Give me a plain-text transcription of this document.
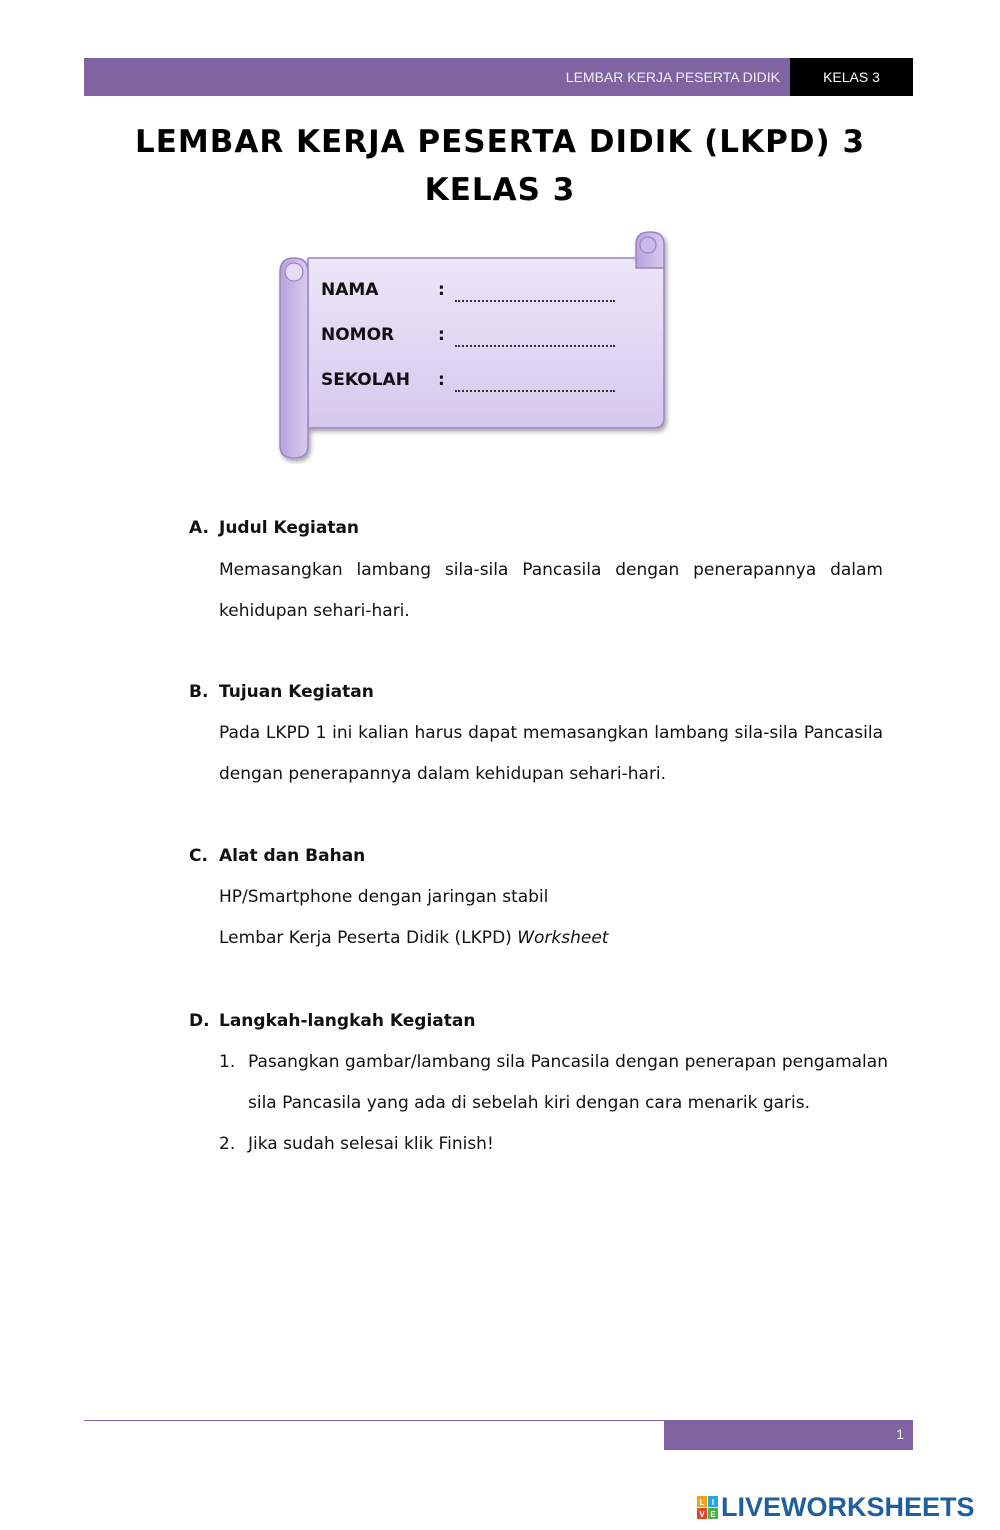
LEMBAR KERJA PESERTA DIDIK	KELAS 3
LEMBAR KERJA PESERTA DIDIK (LKPD) 3
KELAS 3
NAMA	:
NOMOR	:
SEKOLAH :
A. Judul Kegiatan
Memasangkan lambang sila-sila Pancasila dengan penerapannya dalam kehidupan sehari-hari.
B. Tujuan Kegiatan
Pada LKPD 1 ini kalian harus dapat memasangkan lambang sila-sila Pancasila dengan penerapannya dalam kehidupan sehari-hari.
C. Alat dan Bahan
HP/Smartphone dengan jaringan stabil
Lembar Kerja Peserta Didik (LKPD) Worksheet
D. Langkah-langkah Kegiatan
1. Pasangkan gambar/lambang sila Pancasila dengan penerapan pengamalan sila Pancasila yang ada di sebelah kiri dengan cara menarik garis.
2. Jika sudah selesai klik Finish!
1
L I
V E LIVEWORKSHEETS
